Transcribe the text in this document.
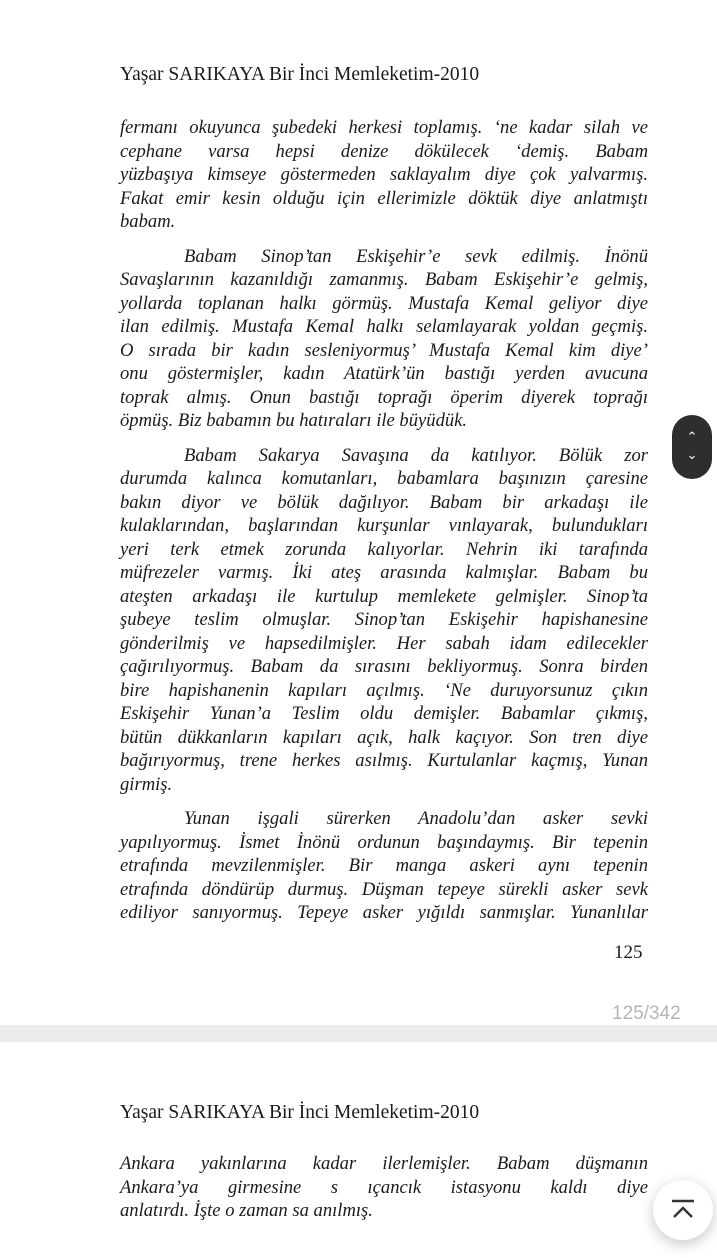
Yaşar SARIKAYA Bir İnci Memleketim-2010
fermanı okuyunca şubedeki herkesi toplamış. ‘ne kadar silah ve
cephane varsa hepsi denize dökülecek ‘demiş. Babam
yüzbaşıya kimseye göstermeden saklayalım diye çok yalvarmış.
Fakat emir kesin olduğu için ellerimizle döktük diye anlatmıştı
babam.
Babam Sinop’tan Eskişehir’e sevk edilmiş. İnönü
Savaşlarının kazanıldığı zamanmış. Babam Eskişehir’e gelmiş,
yollarda toplanan halkı görmüş. Mustafa Kemal geliyor diye
ilan edilmiş. Mustafa Kemal halkı selamlayarak yoldan geçmiş.
O sırada bir kadın sesleniyormuş’ Mustafa Kemal kim diye’
onu göstermişler, kadın Atatürk’ün bastığı yerden avucuna
toprak almış. Onun bastığı toprağı öperim diyerek toprağı
öpmüş. Biz babamın bu hatıraları ile büyüdük.
Babam Sakarya Savaşına da katılıyor. Bölük zor
durumda kalınca komutanları, babamlara başınızın çaresine
bakın diyor ve bölük dağılıyor. Babam bir arkadaşı ile
kulaklarından, başlarından kurşunlar vınlayarak, bulundukları
yeri terk etmek zorunda kalıyorlar. Nehrin iki tarafında
müfrezeler varmış. İki ateş arasında kalmışlar. Babam bu
ateşten arkadaşı ile kurtulup memlekete gelmişler. Sinop’ta
şubeye teslim olmuşlar. Sinop’tan Eskişehir hapishanesine
gönderilmiş ve hapsedilmişler. Her sabah idam edilecekler
çağırılıyormuş. Babam da sırasını bekliyormuş. Sonra birden
bire hapishanenin kapıları açılmış. ‘Ne duruyorsunuz çıkın
Eskişehir Yunan’a Teslim oldu demişler. Babamlar çıkmış,
bütün dükkanların kapıları açık, halk kaçıyor. Son tren diye
bağırıyormuş, trene herkes asılmış. Kurtulanlar kaçmış, Yunan
girmiş.
Yunan işgali sürerken Anadolu’dan asker sevki
yapılıyormuş. İsmet İnönü ordunun başındaymış. Bir tepenin
etrafında mevzilenmişler. Bir manga askeri aynı tepenin
etrafında döndürüp durmuş. Düşman tepeye sürekli asker sevk
ediliyor sanıyormuş. Tepeye asker yığıldı sanmışlar. Yunanlılar
125
125/342
Yaşar SARIKAYA Bir İnci Memleketim-2010
Ankara yakınlarına kadar ilerlemişler. Babam düşmanın
Ankara’ya girmesine s ıçancık istasyonu kaldı diye
anlatırdı. İşte o zaman sa anılmış.
⌃
⌄
